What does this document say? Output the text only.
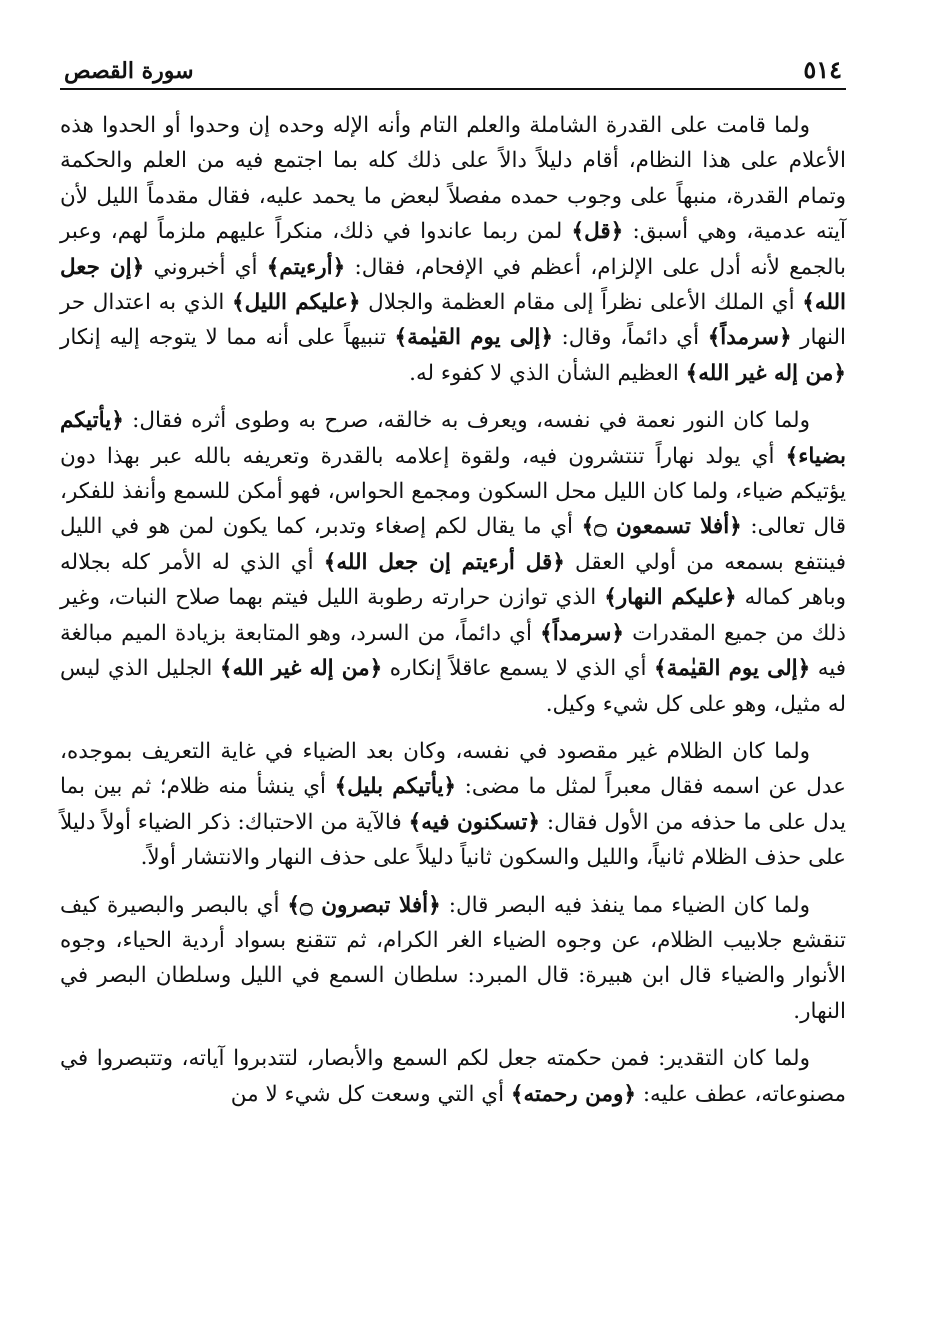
٥١٤
سورة القصص

ولما قامت على القدرة الشاملة والعلم التام وأنه الإله وحده إن وحدوا أو الحدوا هذه الأعلام على هذا النظام، أقام دليلاً دالاً على ذلك كله بما اجتمع فيه من العلم والحكمة وتمام القدرة، منبهاً على وجوب حمده مفصلاً لبعض ما يحمد عليه، فقال مقدماً الليل لأن آيته عدمية، وهي أسبق: ﴿قل﴾ لمن ربما عاندوا في ذلك، منكراً عليهم ملزماً لهم، وعبر بالجمع لأنه أدل على الإلزام، أعظم في الإفحام، فقال: ﴿أرءيتم﴾ أي أخبروني ﴿إن جعل الله﴾ أي الملك الأعلى نظراً إلى مقام العظمة والجلال ﴿عليكم الليل﴾ الذي به اعتدال حر النهار ﴿سرمداً﴾ أي دائماً، وقال: ﴿إلى يوم القيٰمة﴾ تنبيهاً على أنه مما لا يتوجه إليه إنكار ﴿من إله غير الله﴾ العظيم الشأن الذي لا كفوء له.

ولما كان النور نعمة في نفسه، ويعرف به خالقه، صرح به وطوى أثره فقال: ﴿يأتيكم بضياء﴾ أي يولد نهاراً تنتشرون فيه، ولقوة إعلامه بالقدرة وتعريفه بالله عبر بهذا دون يؤتيكم ضياء، ولما كان الليل محل السكون ومجمع الحواس، فهو أمكن للسمع وأنفذ للفكر، قال تعالى: ﴿أفلا تسمعون ۝﴾ أي ما يقال لكم إصغاء وتدبر، كما يكون لمن هو في الليل فينتفع بسمعه من أولي العقل ﴿قل أرءيتم إن جعل الله﴾ أي الذي له الأمر كله بجلاله وباهر كماله ﴿عليكم النهار﴾ الذي توازن حرارته رطوبة الليل فيتم بهما صلاح النبات، وغير ذلك من جميع المقدرات ﴿سرمداً﴾ أي دائماً، من السرد، وهو المتابعة بزيادة الميم مبالغة فيه ﴿إلى يوم القيٰمة﴾ أي الذي لا يسمع عاقلاً إنكاره ﴿من إله غير الله﴾ الجليل الذي ليس له مثيل، وهو على كل شيء وكيل.

ولما كان الظلام غير مقصود في نفسه، وكان بعد الضياء في غاية التعريف بموجده، عدل عن اسمه فقال معبراً لمثل ما مضى: ﴿يأتيكم بليل﴾ أي ينشأ منه ظلام؛ ثم بين بما يدل على ما حذفه من الأول فقال: ﴿تسكنون فيه﴾ فالآية من الاحتباك: ذكر الضياء أولاً دليلاً على حذف الظلام ثانياً، والليل والسكون ثانياً دليلاً على حذف النهار والانتشار أولاً.

ولما كان الضياء مما ينفذ فيه البصر قال: ﴿أفلا تبصرون ۝﴾ أي بالبصر والبصيرة كيف تنقشع جلابيب الظلام، عن وجوه الضياء الغر الكرام، ثم تتقنع بسواد أردية الحياء، وجوه الأنوار والضياء قال ابن هبيرة: قال المبرد: سلطان السمع في الليل وسلطان البصر في النهار.

ولما كان التقدير: فمن حكمته جعل لكم السمع والأبصار، لتتدبروا آياته، وتتبصروا في مصنوعاته، عطف عليه: ﴿ومن رحمته﴾ أي التي وسعت كل شيء لا من
